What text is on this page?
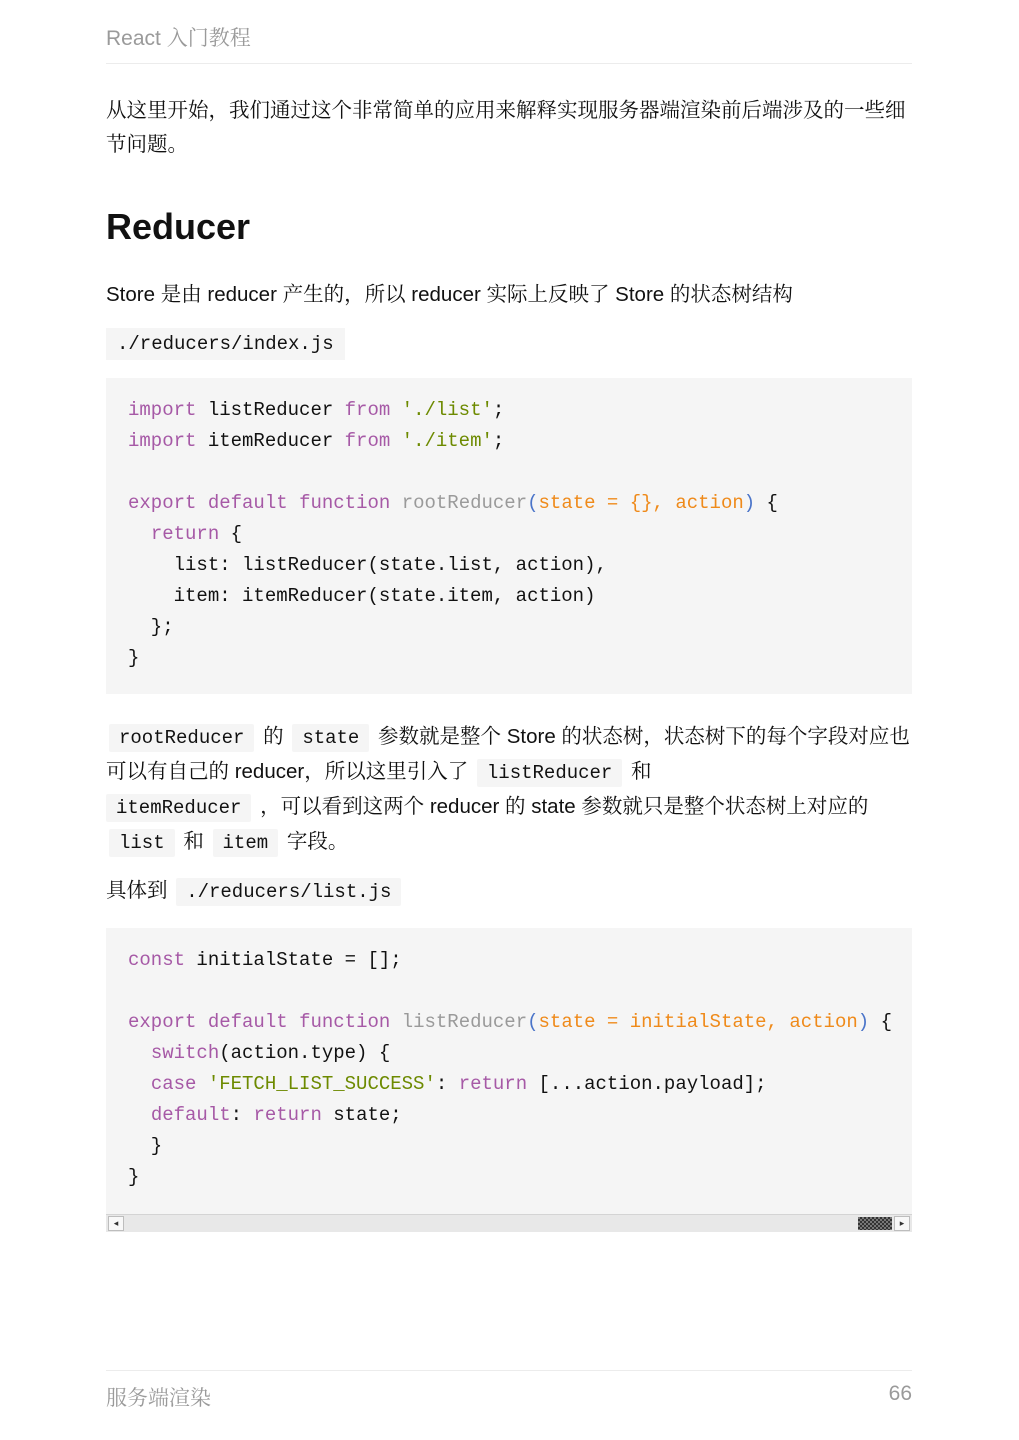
React 入门教程

从这里开始，我们通过这个非常简单的应用来解释实现服务器端渲染前后端涉及的一些细节问题。

Reducer

Store 是由 reducer 产生的，所以 reducer 实际上反映了 Store 的状态树结构

./reducers/index.js
import listReducer from './list';
import itemReducer from './item';

export default function rootReducer(state = {}, action) {
return {
list: listReducer(state.list, action),
item: itemReducer(state.item, action)
};
}

rootReducer 的 state 参数就是整个 Store 的状态树，状态树下的每个字段对应也可以有自己的 reducer，所以这里引入了 listReducer 和
itemReducer ，可以看到这两个 reducer 的 state 参数就只是整个状态树上对应的 list 和 item 字段。

具体到 ./reducers/list.js

const initialState = [];

export default function listReducer(state = initialState, action) {
switch(action.type) {
case 'FETCH_LIST_SUCCESS': return [...action.payload];
default: return state;
}
}
◂	▸
服务端渲染	66
